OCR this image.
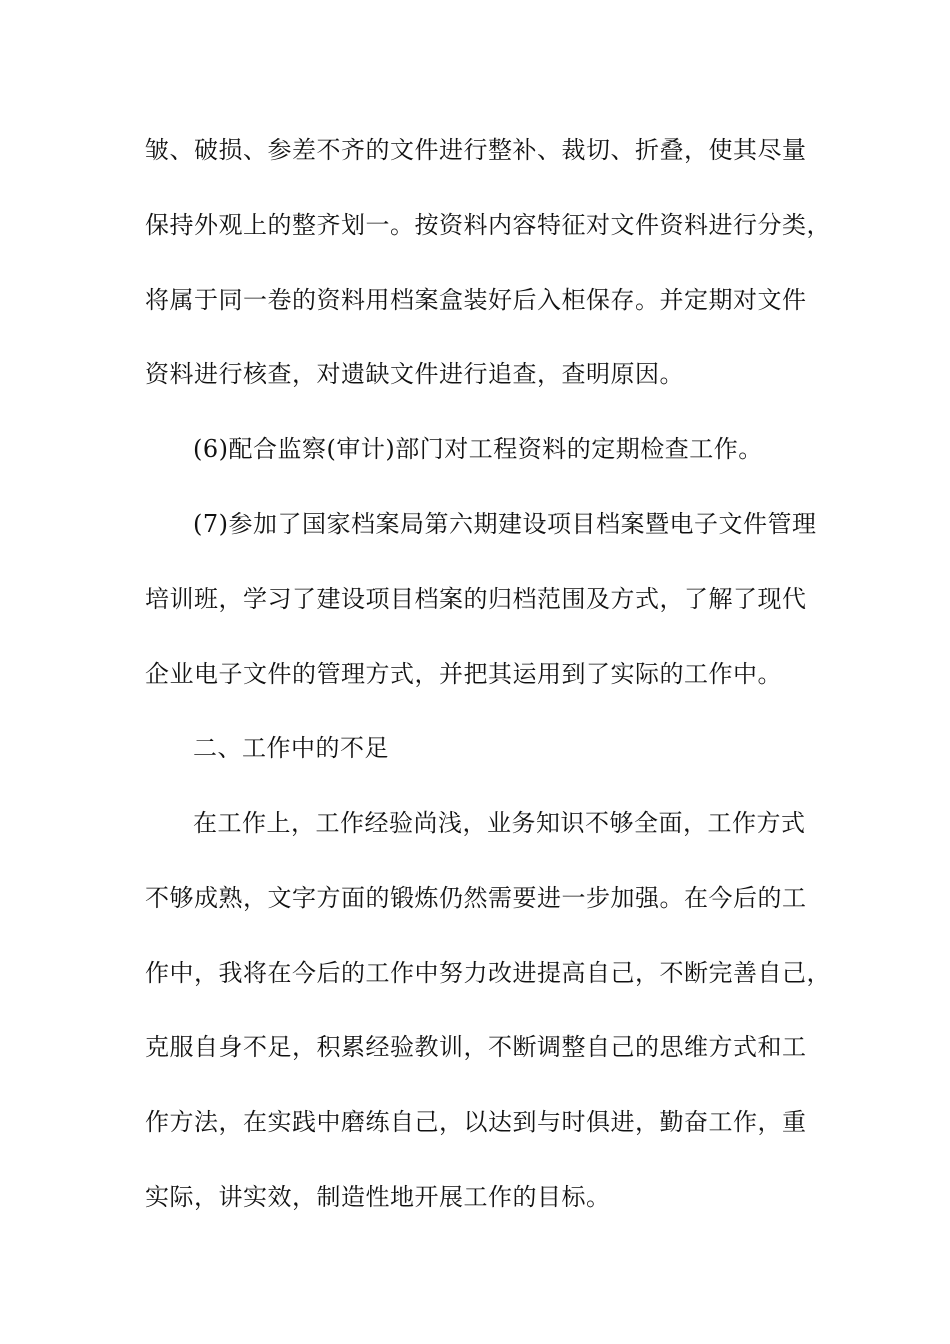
皱、破损、参差不齐的文件进行整补、裁切、折叠，使其尽量
保持外观上的整齐划一。按资料内容特征对文件资料进行分类，
将属于同一卷的资料用档案盒装好后入柜保存。并定期对文件
资料进行核查，对遗缺文件进行追查，查明原因。
(6)配合监察(审计)部门对工程资料的定期检查工作。
(7)参加了国家档案局第六期建设项目档案暨电子文件管理
培训班，学习了建设项目档案的归档范围及方式，了解了现代
企业电子文件的管理方式，并把其运用到了实际的工作中。
二、工作中的不足
在工作上，工作经验尚浅，业务知识不够全面，工作方式
不够成熟，文字方面的锻炼仍然需要进一步加强。在今后的工
作中，我将在今后的工作中努力改进提高自己，不断完善自己，
克服自身不足，积累经验教训，不断调整自己的思维方式和工
作方法，在实践中磨练自己，以达到与时俱进，勤奋工作，重
实际，讲实效，制造性地开展工作的目标。
